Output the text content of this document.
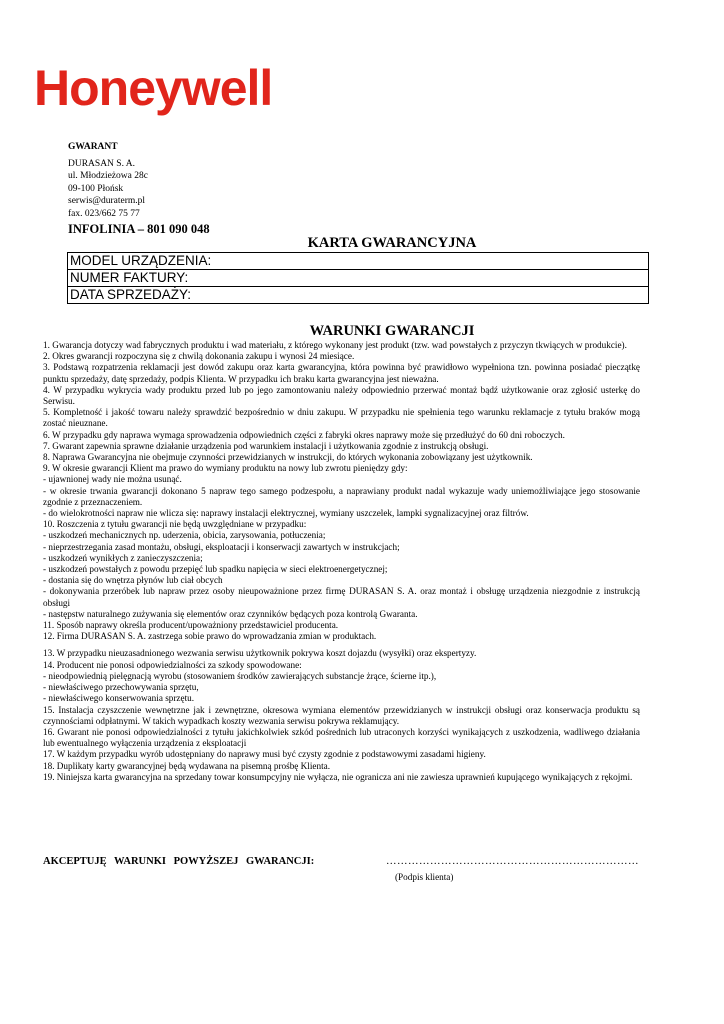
Honeywell
GWARANT
DURASAN S. A.
ul. Młodzieżowa 28c
09-100 Płońsk
serwis@duraterm.pl
fax. 023/662 75 77
INFOLINIA – 801 090 048
KARTA GWARANCYJNA
MODEL URZĄDZENIA:
NUMER FAKTURY:
DATA SPRZEDAŻY:
WARUNKI GWARANCJI

1. Gwarancja dotyczy wad fabrycznych produktu i wad materiału, z którego wykonany jest produkt (tzw. wad powstałych z przyczyn tkwiących w produkcie).

2. Okres gwarancji rozpoczyna się z chwilą dokonania zakupu i wynosi 24 miesiące.

3. Podstawą rozpatrzenia reklamacji jest dowód zakupu oraz karta gwarancyjna, która powinna być prawidłowo wypełniona tzn. powinna posiadać pieczątkę punktu sprzedaży, datę sprzedaży, podpis Klienta. W przypadku ich braku karta gwarancyjna jest nieważna.

4. W przypadku wykrycia wady produktu przed lub po jego zamontowaniu należy odpowiednio przerwać montaż bądź użytkowanie oraz zgłosić usterkę do Serwisu.

5. Kompletność i jakość towaru należy sprawdzić bezpośrednio w dniu zakupu. W przypadku nie spełnienia tego warunku reklamacje z tytułu braków mogą zostać nieuznane.

6. W przypadku gdy naprawa wymaga sprowadzenia odpowiednich części z fabryki okres naprawy może się przedłużyć do 60 dni roboczych.

7. Gwarant zapewnia sprawne działanie urządzenia pod warunkiem instalacji i użytkowania zgodnie z instrukcją obsługi.

8. Naprawa Gwarancyjna nie obejmuje czynności przewidzianych w instrukcji, do których wykonania zobowiązany jest użytkownik.

9. W okresie gwarancji Klient ma prawo do wymiany produktu na nowy lub zwrotu pieniędzy gdy:

- ujawnionej wady nie można usunąć.

- w okresie trwania gwarancji dokonano 5 napraw tego samego podzespołu, a naprawiany produkt nadal wykazuje wady uniemożliwiające jego stosowanie zgodnie z przeznaczeniem.

- do wielokrotności napraw nie wlicza się: naprawy instalacji elektrycznej, wymiany uszczelek, lampki sygnalizacyjnej oraz filtrów.

10. Roszczenia z tytułu gwarancji nie będą uwzględniane w przypadku:

- uszkodzeń mechanicznych np. uderzenia, obicia, zarysowania, potłuczenia;

- nieprzestrzegania zasad montażu, obsługi, eksploatacji i konserwacji zawartych w instrukcjach;

- uszkodzeń wynikłych z zanieczyszczenia;

- uszkodzeń powstałych z powodu przepięć lub spadku napięcia w sieci elektroenergetycznej;

- dostania się do wnętrza płynów lub ciał obcych

- dokonywania przeróbek lub napraw przez osoby nieupoważnione przez firmę DURASAN S. A. oraz montaż i obsługę urządzenia niezgodnie z instrukcją obsługi

- następstw naturalnego zużywania się elementów oraz czynników będących poza kontrolą Gwaranta.

11. Sposób naprawy określa producent/upoważniony przedstawiciel producenta.

12. Firma DURASAN S. A. zastrzega sobie prawo do wprowadzania zmian w produktach.

13. W przypadku nieuzasadnionego wezwania serwisu użytkownik pokrywa koszt dojazdu (wysyłki) oraz ekspertyzy.

14. Producent nie ponosi odpowiedzialności za szkody spowodowane:

- nieodpowiednią pielęgnacją wyrobu (stosowaniem środków zawierających substancje żrące, ścierne itp.),

- niewłaściwego przechowywania sprzętu,

- niewłaściwego konserwowania sprzętu.

15. Instalacja czyszczenie wewnętrzne jak i zewnętrzne, okresowa wymiana elementów przewidzianych w instrukcji obsługi oraz konserwacja produktu są czynnościami odpłatnymi. W takich wypadkach koszty wezwania serwisu pokrywa reklamujący.

16. Gwarant nie ponosi odpowiedzialności z tytułu jakichkolwiek szkód pośrednich lub utraconych korzyści wynikających z uszkodzenia, wadliwego działania lub ewentualnego wyłączenia urządzenia z eksploatacji

17. W każdym przypadku wyrób udostępniany do naprawy musi być czysty zgodnie z podstawowymi zasadami higieny.

18. Duplikaty karty gwarancyjnej będą wydawana na pisemną prośbę Klienta.

19. Niniejsza karta gwarancyjna na sprzedany towar konsumpcyjny nie wyłącza, nie ogranicza ani nie zawiesza uprawnień kupującego wynikających z rękojmi.

AKCEPTUJĘ WARUNKI POWYŻSZEJ GWARANCJI:	……………………………………………………………
(Podpis klienta)
